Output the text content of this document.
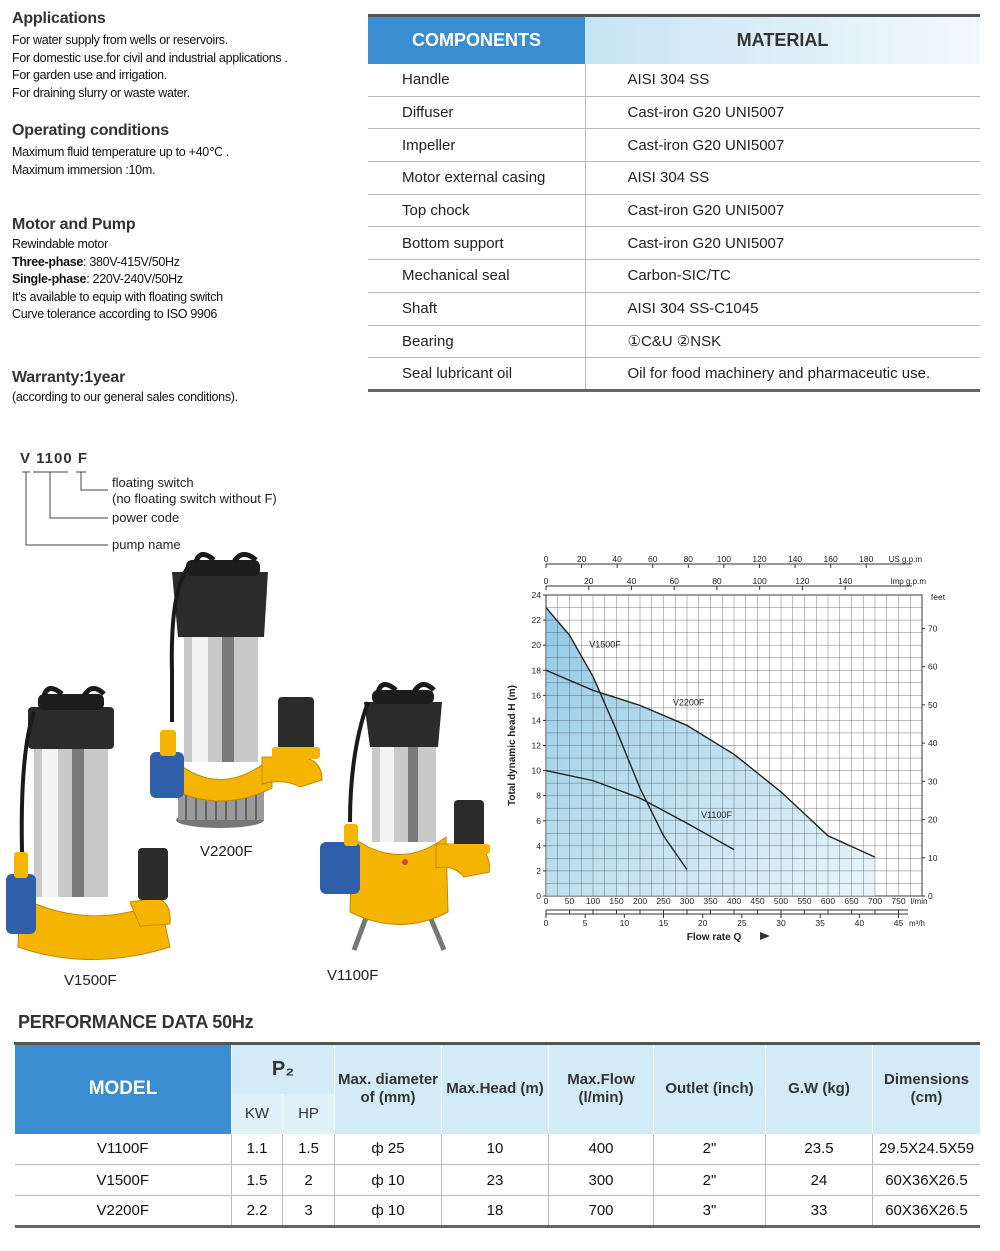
Applications
For water supply from wells or reservoirs.
For domestic use.for civil and industrial applications .
For garden use and irrigation.
For draining slurry or waste water.
Operating conditions
Maximum fluid temperature up to +40℃ .
Maximum immersion :10m.
Motor and Pump
Rewindable motor
Three-phase: 380V-415V/50Hz
Single-phase: 220V-240V/50Hz
It's available to equip with floating switch
Curve tolerance according to ISO 9906
Warranty:1year
(according to our general sales conditions).
COMPONENTS	MATERIAL
Handle	AISI 304 SS
Diffuser	Cast-iron G20 UNI5007
Impeller	Cast-iron G20 UNI5007
Motor external casing	AISI 304 SS
Top chock	Cast-iron G20 UNI5007
Bottom support	Cast-iron G20 UNI5007
Mechanical seal	Carbon-SIC/TC
Shaft	AISI 304 SS-C1045
Bearing	①C&U ②NSK
Seal lubricant oil	Oil for food machinery and pharmaceutic use.
V 1100 F
floating switch
(no floating switch without F)
power code
pump name
V1500F
V2200F
V1100F
V1500F
V2200F
V1100F
0
2
4
6
8
10
12
14
16
18
20
22
24
Total dynamic head H (m)
0
10
20
30
40
50
60
70
feet
0 50 100 150 200 250 300 350 400 450 500 550 600 650 700 750 l/min
0	5	10	15	20	25	30	35	40	45 m³/h
Flow rate Q
0	20	40	60	80	100	120	140	160	180 US g.p.m
0	20	40	60	80	100	120	140	Imp g.p.m
PERFORMANCE DATA 50Hz
MODEL	P₂		Max. diameter of (mm)	Max.Head (m)	Max.Flow (l/min)	Outlet (inch)	G.W (kg)	Dimensions (cm)
	KW	HP						
V1100F	1.1	1.5	ф 25	10	400	2"	23.5	29.5X24.5X59
V1500F	1.5	2	ф 10	23	300	2"	24	60X36X26.5
V2200F	2.2	3	ф 10	18	700	3"	33	60X36X26.5
